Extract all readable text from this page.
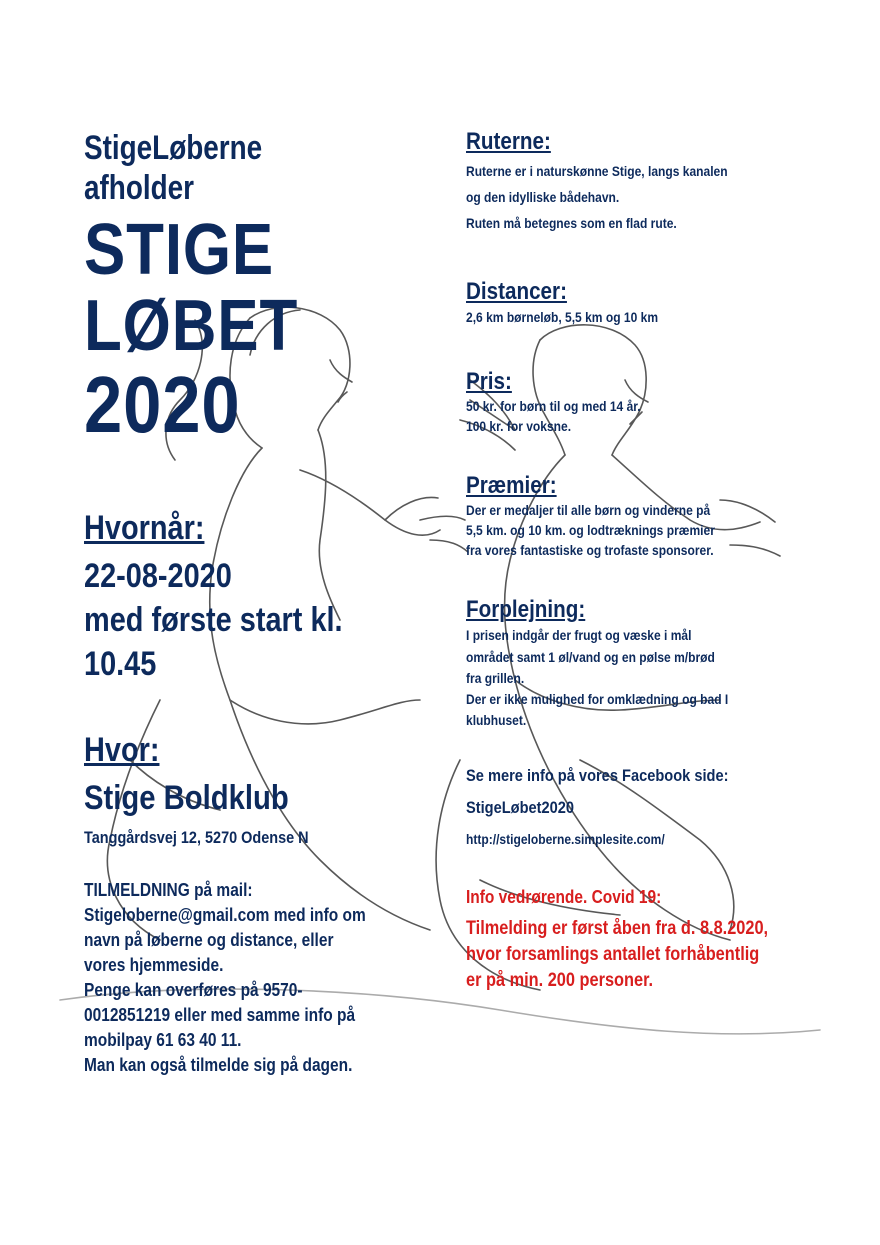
StigeLøberne
afholder
STIGE
LØBET
2020
Hvornår:
22-08-2020
med første start kl.
10.45
Hvor:
Stige Boldklub
Tanggårdsvej 12, 5270 Odense N
TILMELDNING på mail:
Stigeloberne@gmail.com med info om
navn på løberne og distance, eller
vores hjemmeside.
Penge kan overføres på 9570-
0012851219 eller med samme info på
mobilpay 61 63 40 11.
Man kan også tilmelde sig på dagen.
Ruterne:
Ruterne er i naturskønne Stige, langs kanalen
og den idylliske bådehavn.
Ruten må betegnes som en flad rute.
Distancer:
2,6 km børneløb, 5,5 km og 10 km
Pris:
50 kr. for børn til og med 14 år.
100 kr. for voksne.
Præmier:
Der er medaljer til alle børn og vinderne på
5,5 km. og 10 km. og lodtræknings præmier
fra vores fantastiske og trofaste sponsorer.
Forplejning:
I prisen indgår der frugt og væske i mål
området samt 1 øl/vand og en pølse m/brød
fra grillen.
Der er ikke mulighed for omklædning og bad I
klubhuset.
Se mere info på vores Facebook side:
StigeLøbet2020
http://stigeloberne.simplesite.com/
Info vedrørende. Covid 19:
Tilmelding er først åben fra d. 8.8.2020,
hvor forsamlings antallet forhåbentlig
er på min. 200 personer.
